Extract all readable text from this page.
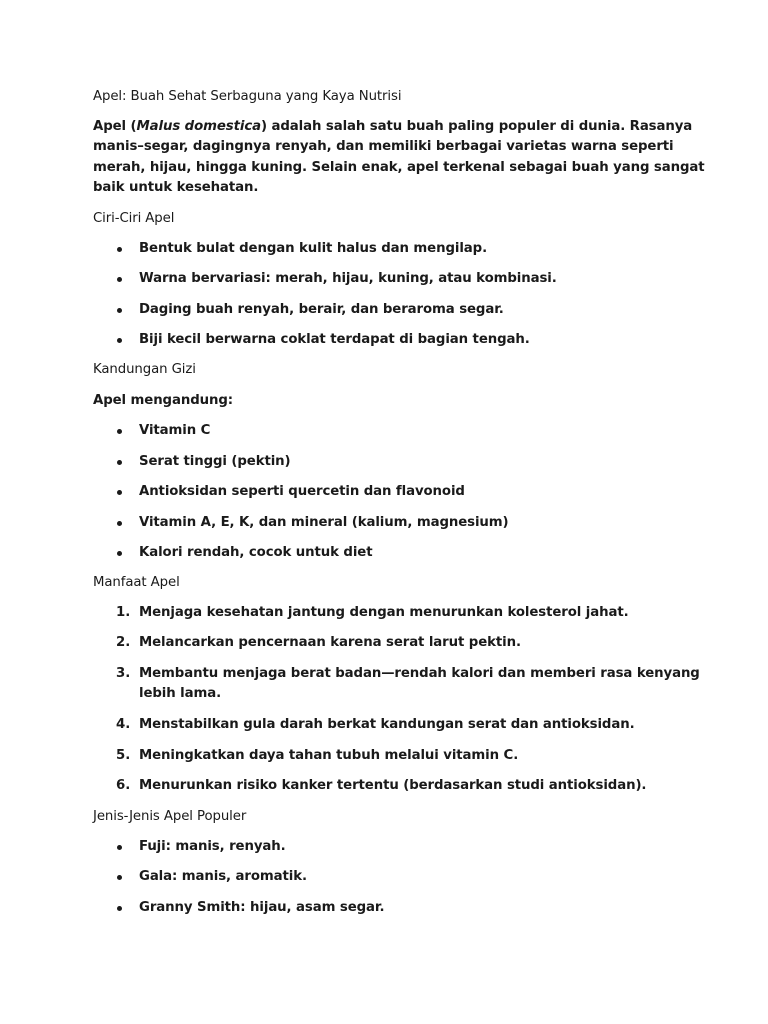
Apel: Buah Sehat Serbaguna yang Kaya Nutrisi
Apel (Malus domestica) adalah salah satu buah paling populer di dunia. Rasanya
manis–segar, dagingnya renyah, dan memiliki berbagai varietas warna seperti
merah, hijau, hingga kuning. Selain enak, apel terkenal sebagai buah yang sangat
baik untuk kesehatan.
Ciri-Ciri Apel
Bentuk bulat dengan kulit halus dan mengilap.
Warna bervariasi: merah, hijau, kuning, atau kombinasi.
Daging buah renyah, berair, dan beraroma segar.
Biji kecil berwarna coklat terdapat di bagian tengah.
Kandungan Gizi
Apel mengandung:
Vitamin C
Serat tinggi (pektin)
Antioksidan seperti quercetin dan flavonoid
Vitamin A, E, K, dan mineral (kalium, magnesium)
Kalori rendah, cocok untuk diet
Manfaat Apel
1. Menjaga kesehatan jantung dengan menurunkan kolesterol jahat.
2. Melancarkan pencernaan karena serat larut pektin.
3. Membantu menjaga berat badan—rendah kalori dan memberi rasa kenyang
lebih lama.
4. Menstabilkan gula darah berkat kandungan serat dan antioksidan.
5. Meningkatkan daya tahan tubuh melalui vitamin C.
6. Menurunkan risiko kanker tertentu (berdasarkan studi antioksidan).
Jenis-Jenis Apel Populer
Fuji: manis, renyah.
Gala: manis, aromatik.
Granny Smith: hijau, asam segar.
